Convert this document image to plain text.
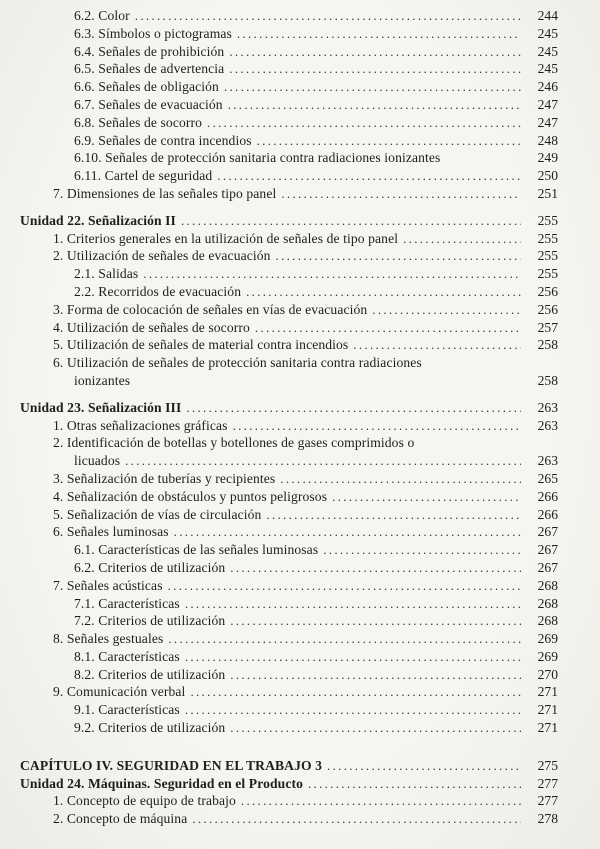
6.2. Color .....	244
6.3. Símbolos o pictogramas .....	245
6.4. Señales de prohibición .....	245
6.5. Señales de advertencia .....	245
6.6. Señales de obligación .....	246
6.7. Señales de evacuación .....	247
6.8. Señales de socorro .....	247
6.9. Señales de contra incendios .....	248
6.10. Señales de protección sanitaria contra radiaciones ionizantes	249
6.11. Cartel de seguridad .....	250
7. Dimensiones de las señales tipo panel .....	251
Unidad 22. Señalización II .....	255
1. Criterios generales en la utilización de señales de tipo panel .....	255
2. Utilización de señales de evacuación .....	255
2.1. Salidas .....	255
2.2. Recorridos de evacuación .....	256
3. Forma de colocación de señales en vías de evacuación .....	256
4. Utilización de señales de socorro .....	257
5. Utilización de señales de material contra incendios .....	258
6. Utilización de señales de protección sanitaria contra radiaciones
ionizantes	258
Unidad 23. Señalización III .....	263
1. Otras señalizaciones gráficas .....	263
2. Identificación de botellas y botellones de gases comprimidos o
licuados .....	263
3. Señalización de tuberías y recipientes .....	265
4. Señalización de obstáculos y puntos peligrosos .....	266
5. Señalización de vías de circulación .....	266
6. Señales luminosas .....	267
6.1. Características de las señales luminosas .....	267
6.2. Criterios de utilización .....	267
7. Señales acústicas .....	268
7.1. Características .....	268
7.2. Criterios de utilización .....	268
8. Señales gestuales .....	269
8.1. Características .....	269
8.2. Criterios de utilización .....	270
9. Comunicación verbal .....	271
9.1. Características .....	271
9.2. Criterios de utilización .....	271
CAPÍTULO IV. SEGURIDAD EN EL TRABAJO 3 .....	275
Unidad 24. Máquinas. Seguridad en el Producto .....	277
1. Concepto de equipo de trabajo .....	277
2. Concepto de máquina .....	278
